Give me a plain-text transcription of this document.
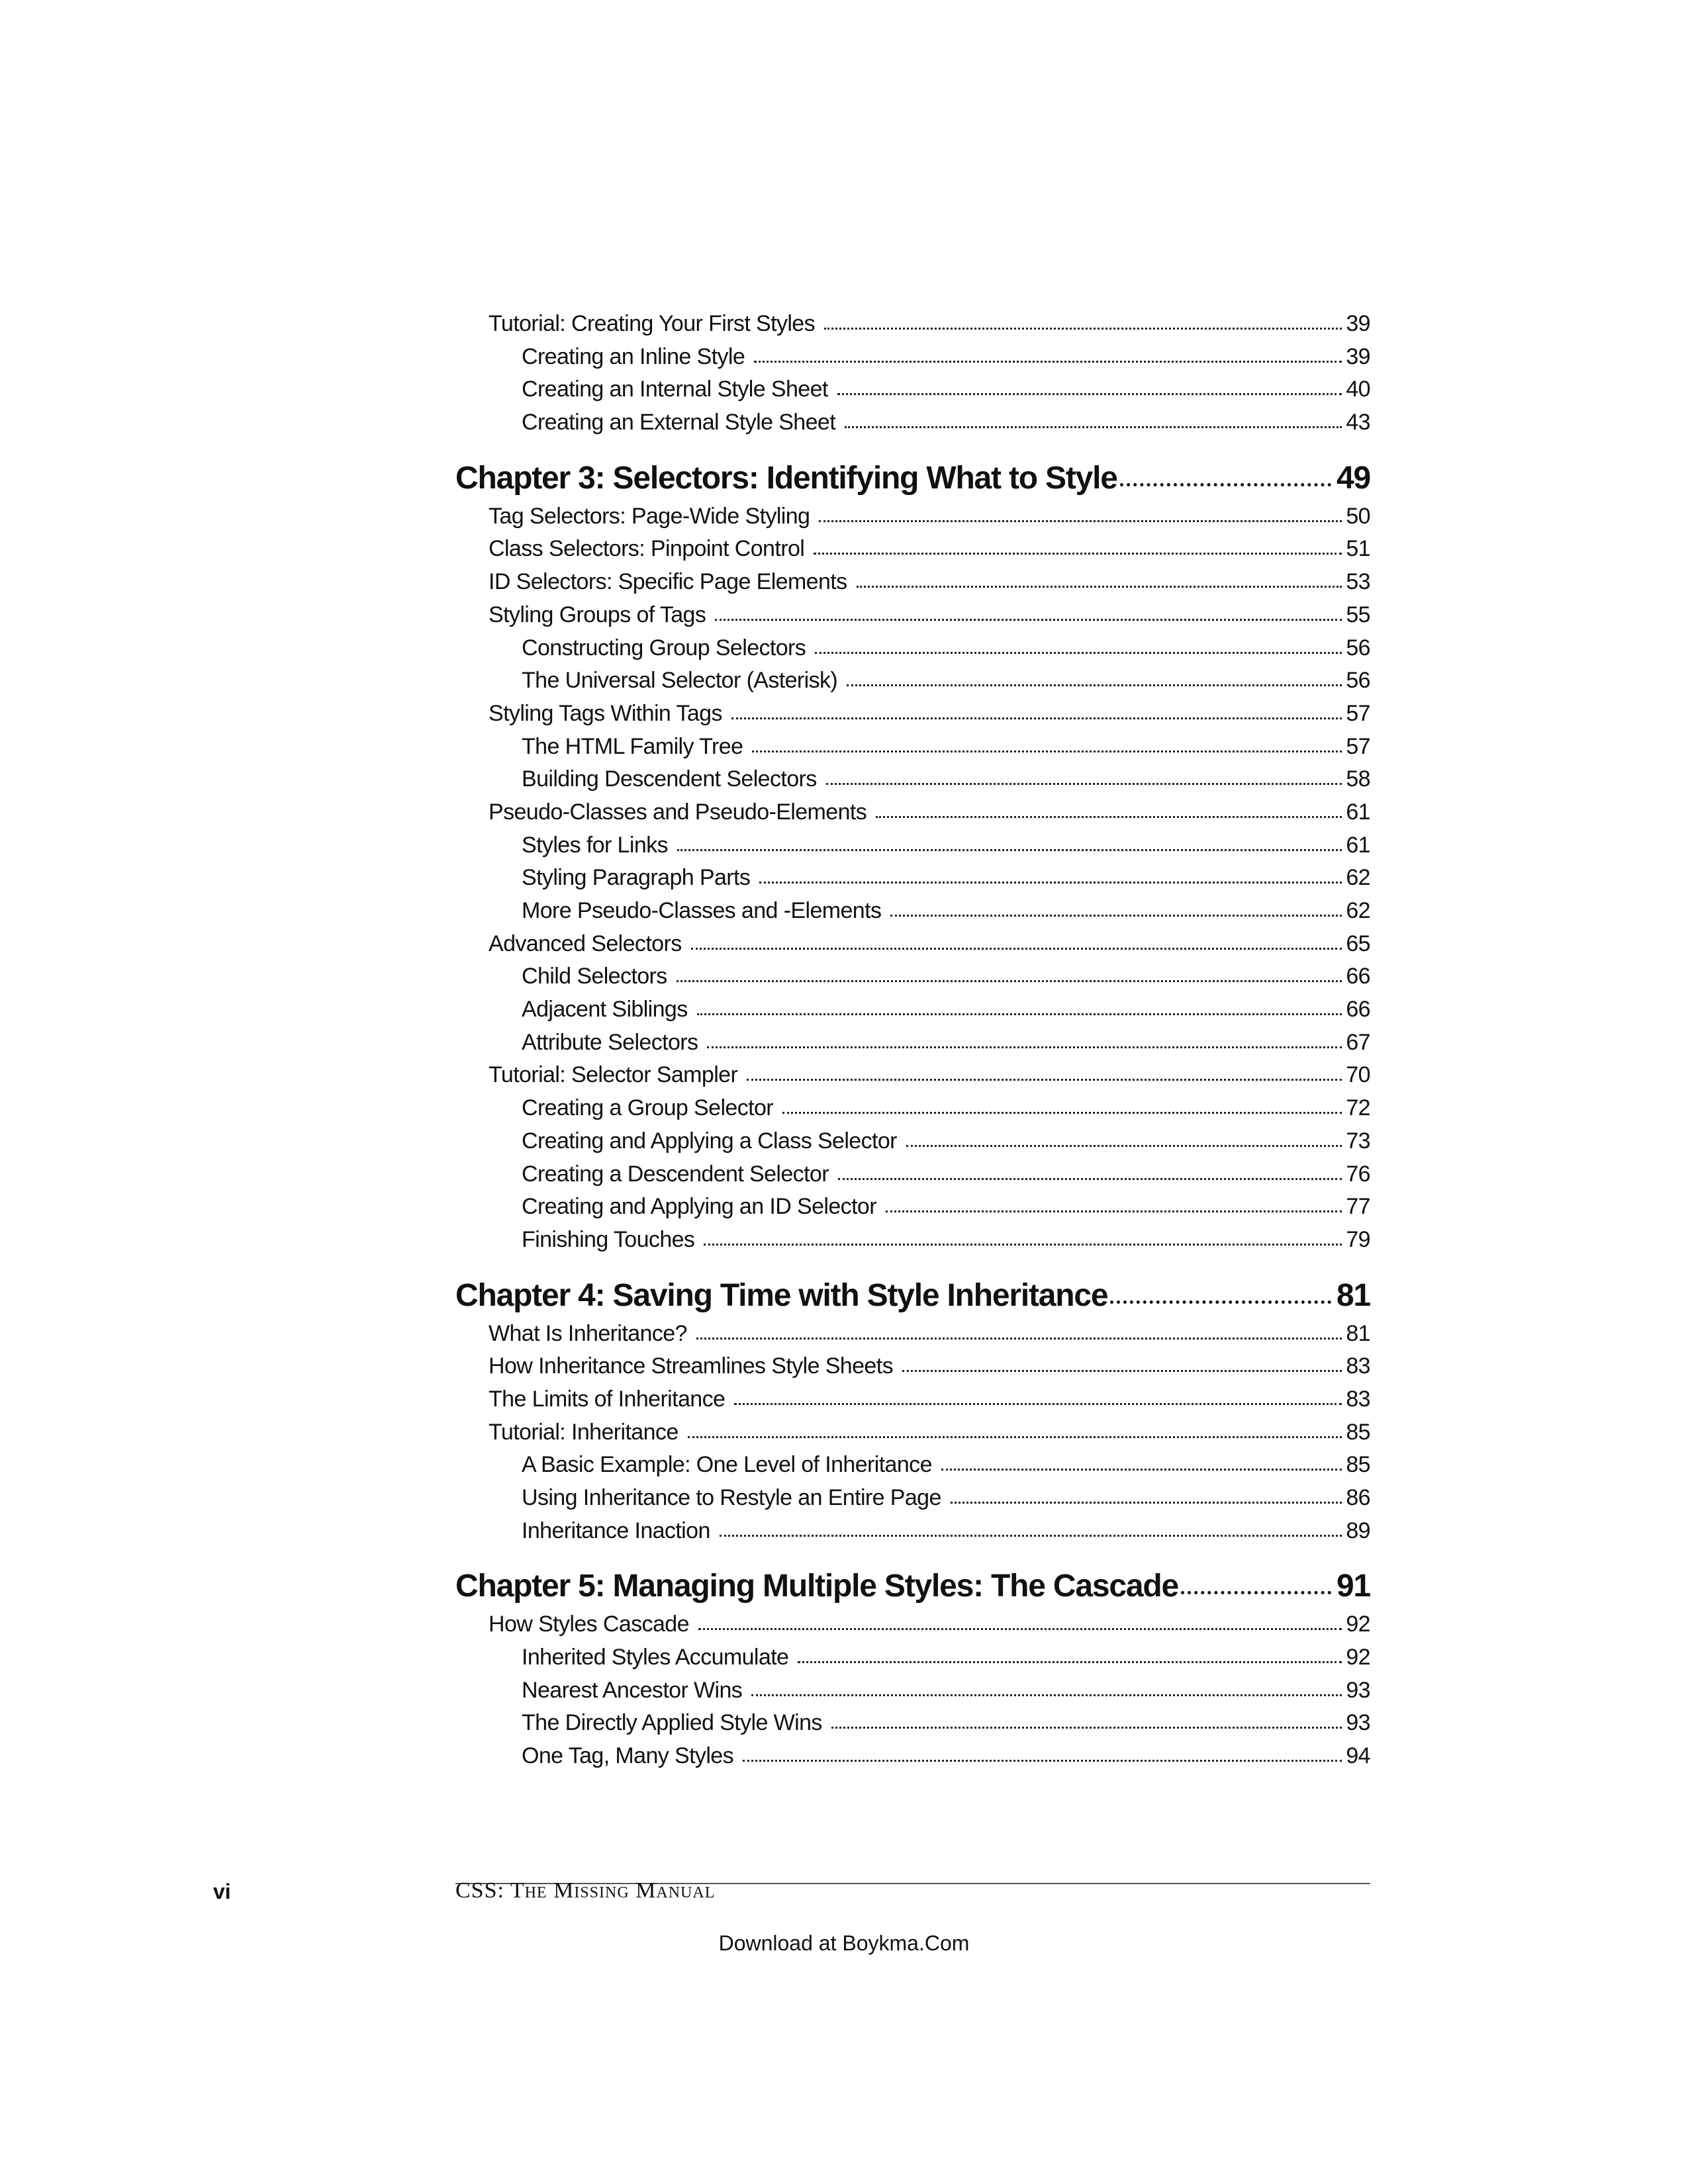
Tutorial: Creating Your First Styles	39
Creating an Inline Style	39
Creating an Internal Style Sheet	40
Creating an External Style Sheet	43
Chapter 3: Selectors: Identifying What to Style	49
Tag Selectors: Page-Wide Styling	50
Class Selectors: Pinpoint Control	51
ID Selectors: Specific Page Elements	53
Styling Groups of Tags	55
Constructing Group Selectors	56
The Universal Selector (Asterisk)	56
Styling Tags Within Tags	57
The HTML Family Tree	57
Building Descendent Selectors	58
Pseudo-Classes and Pseudo-Elements	61
Styles for Links	61
Styling Paragraph Parts	62
More Pseudo-Classes and -Elements	62
Advanced Selectors	65
Child Selectors	66
Adjacent Siblings	66
Attribute Selectors	67
Tutorial: Selector Sampler	70
Creating a Group Selector	72
Creating and Applying a Class Selector	73
Creating a Descendent Selector	76
Creating and Applying an ID Selector	77
Finishing Touches	79
Chapter 4: Saving Time with Style Inheritance	81
What Is Inheritance?	81
How Inheritance Streamlines Style Sheets	83
The Limits of Inheritance	83
Tutorial: Inheritance	85
A Basic Example: One Level of Inheritance	85
Using Inheritance to Restyle an Entire Page	86
Inheritance Inaction	89
Chapter 5: Managing Multiple Styles: The Cascade	91
How Styles Cascade	92
Inherited Styles Accumulate	92
Nearest Ancestor Wins	93
The Directly Applied Style Wins	93
One Tag, Many Styles	94
vi	CSS: The Missing Manual
Download at Boykma.Com
